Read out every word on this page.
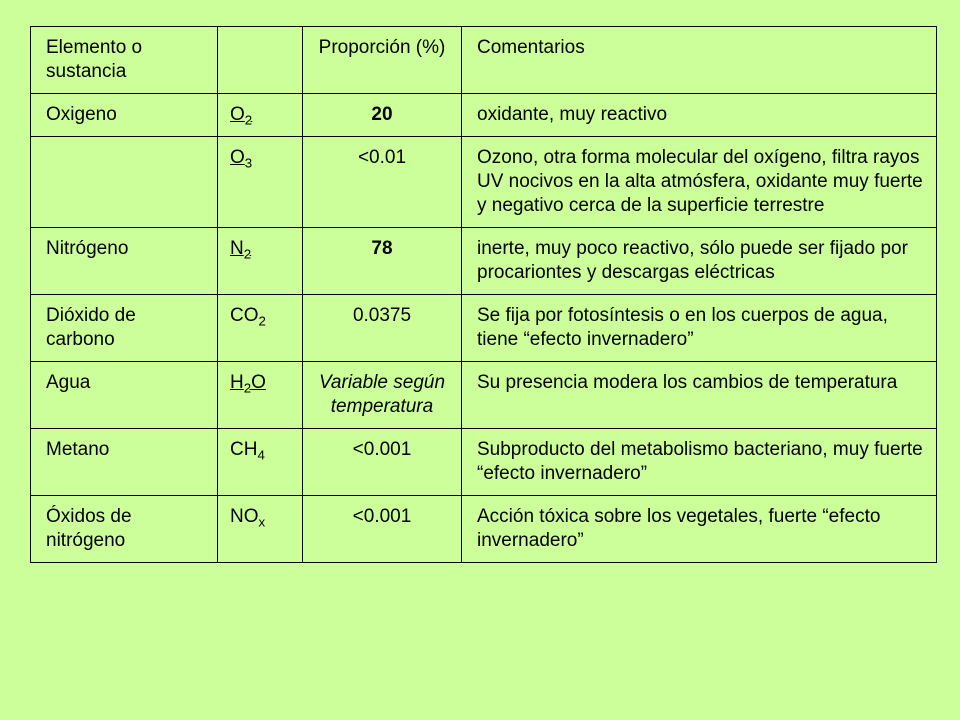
Elemento o sustancia		Proporción (%)	Comentarios
Oxigeno	$O_2$	20	oxidante, muy reactivo
	$O_3$	<0.01	Ozono, otra forma molecular del oxígeno, filtra rayos UV nocivos en la alta atmósfera, oxidante muy fuerte y negativo cerca de la superficie terrestre
Nitrógeno	$N_2$	78	inerte, muy poco reactivo, sólo puede ser fijado por procariontes y descargas eléctricas
Dióxido de carbono	$CO_2$	0.0375	Se fija por fotosíntesis o en los cuerpos de agua, tiene “efecto invernadero”
Agua	$H_2O$	Variable según temperatura	Su presencia modera los cambios de temperatura
Metano	$CH_4$	<0.001	Subproducto del metabolismo bacteriano, muy fuerte “efecto invernadero”
Óxidos de nitrógeno	$NO_x$	<0.001	Acción tóxica sobre los vegetales, fuerte “efecto invernadero”
